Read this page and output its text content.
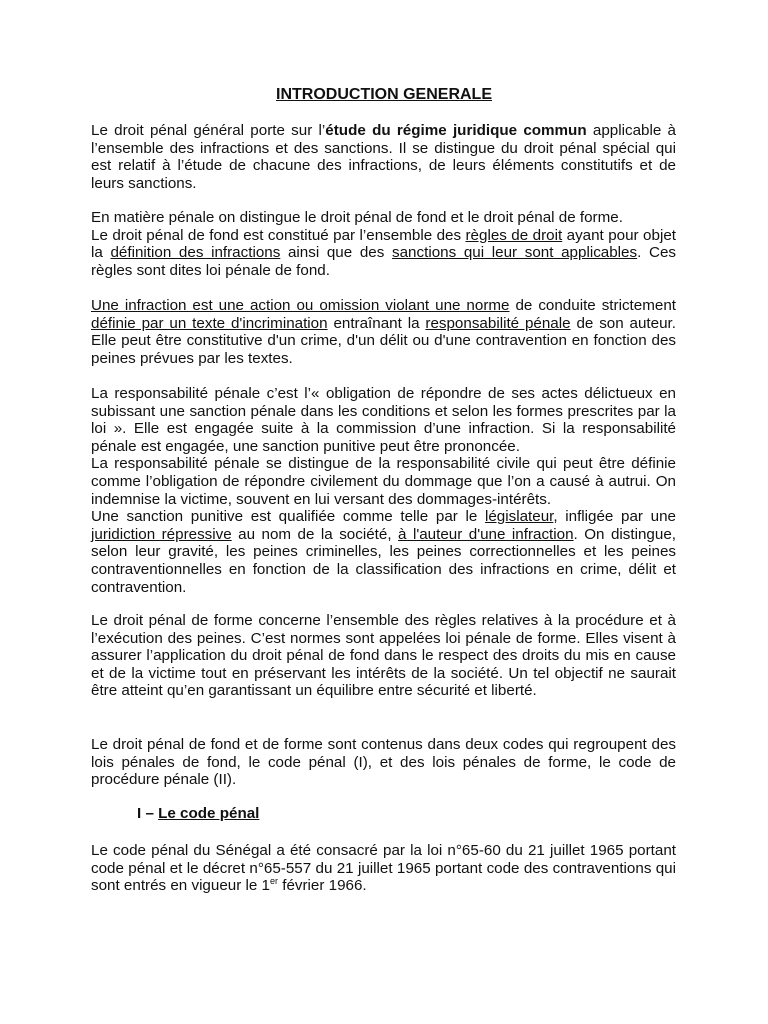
INTRODUCTION GENERALE

Le droit pénal général porte sur l’étude du régime juridique commun applicable à l’ensemble des infractions et des sanctions. Il se distingue du droit pénal spécial qui est relatif à l’étude de chacune des infractions, de leurs éléments constitutifs et de leurs sanctions.

En matière pénale on distingue le droit pénal de fond et le droit pénal de forme.
Le droit pénal de fond est constitué par l’ensemble des règles de droit ayant pour objet la définition des infractions ainsi que des sanctions qui leur sont applicables. Ces règles sont dites loi pénale de fond.

Une infraction est une action ou omission violant une norme de conduite strictement définie par un texte d'incrimination entraînant la responsabilité pénale de son auteur. Elle peut être constitutive d'un crime, d'un délit ou d'une contravention en fonction des peines prévues par les textes.

La responsabilité pénale c’est l’« obligation de répondre de ses actes délictueux en subissant une sanction pénale dans les conditions et selon les formes prescrites par la loi ». Elle est engagée suite à la commission d’une infraction. Si la responsabilité pénale est engagée, une sanction punitive peut être prononcée.
La responsabilité pénale se distingue de la responsabilité civile qui peut être définie comme l’obligation de répondre civilement du dommage que l’on a causé à autrui. On indemnise la victime, souvent en lui versant des dommages-intérêts.
Une sanction punitive est qualifiée comme telle par le législateur, infligée par une juridiction répressive au nom de la société, à l'auteur d'une infraction. On distingue, selon leur gravité, les peines criminelles, les peines correctionnelles et les peines contraventionnelles en fonction de la classification des infractions en crime, délit et contravention.

Le droit pénal de forme concerne l’ensemble des règles relatives à la procédure et à l’exécution des peines. C’est normes sont appelées loi pénale de forme. Elles visent à assurer l’application du droit pénal de fond dans le respect des droits du mis en cause et de la victime tout en préservant les intérêts de la société. Un tel objectif ne saurait être atteint qu’en garantissant un équilibre entre sécurité et liberté.

Le droit pénal de fond et de forme sont contenus dans deux codes qui regroupent des lois pénales de fond, le code pénal (I), et des lois pénales de forme, le code de procédure pénale (II).

I – Le code pénal

Le code pénal du Sénégal a été consacré par la loi n°65-60 du 21 juillet 1965 portant code pénal et le décret n°65-557 du 21 juillet 1965 portant code des contraventions qui sont entrés en vigueur le 1er février 1966.
